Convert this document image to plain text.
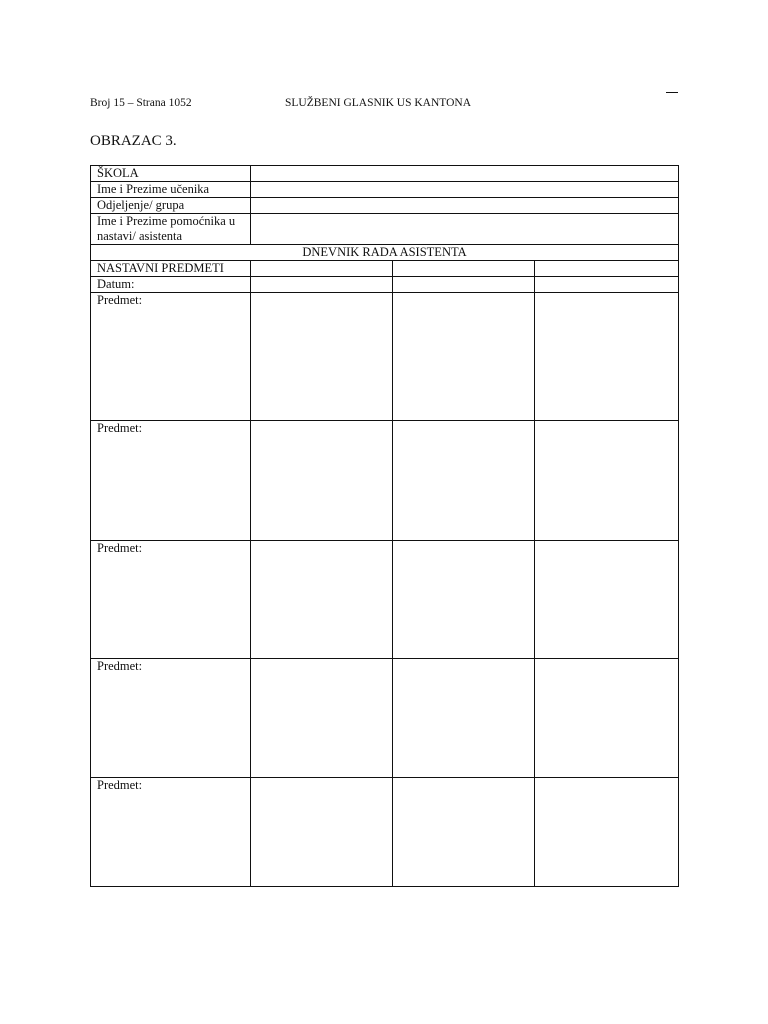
Broj 15 – Strana 1052	SLUŽBENI GLASNIK US KANTONA
OBRAZAC 3.
ŠKOLA			
Ime i Prezime učenika			
Odjeljenje/ grupa			
Ime i Prezime pomoćnika u nastavi/ asistenta			
DNEVNIK RADA ASISTENTA			
NASTAVNI PREDMETI			
Datum:			
Predmet:			
Predmet:			
Predmet:			
Predmet:			
Predmet:			
